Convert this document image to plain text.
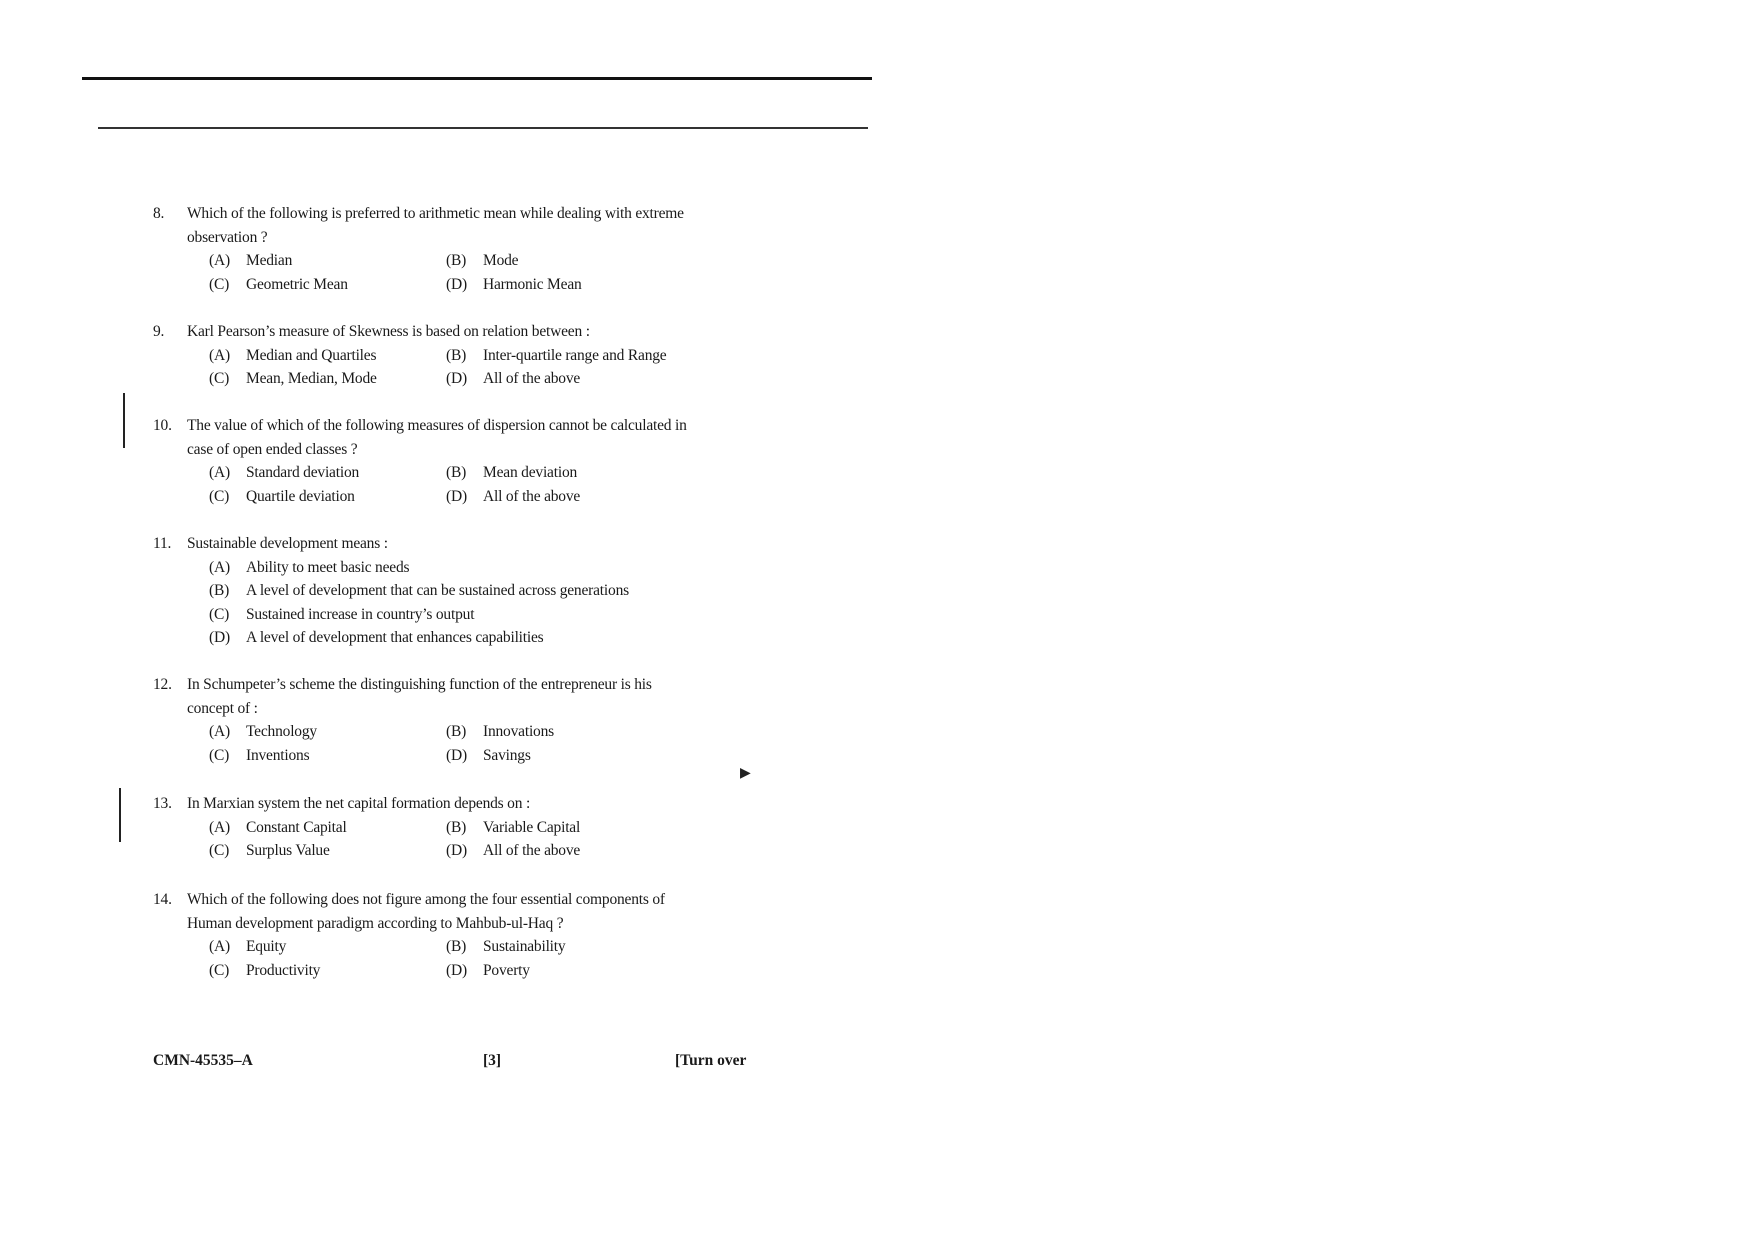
▶
8.	Which of the following is preferred to arithmetic mean while dealing with extreme observation ?
(A)	Median	(B)	Mode
(C)	Geometric Mean	(D)	Harmonic Mean
9.	Karl Pearson’s measure of Skewness is based on relation between :
(A)	Median and Quartiles	(B)	Inter-quartile range and Range
(C)	Mean, Median, Mode	(D)	All of the above
10. The value of which of the following measures of dispersion cannot be calculated in case of open ended classes ?
(A)	Standard deviation	(B)	Mean deviation
(C)	Quartile deviation	(D)	All of the above
11.	Sustainable development means :
(A)	Ability to meet basic needs
(B)	A level of development that can be sustained across generations
(C)	Sustained increase in country’s output
(D)	A level of development that enhances capabilities
12. In Schumpeter’s scheme the distinguishing function of the entrepreneur is his concept of :
(A)	Technology	(B)	Innovations
(C)	Inventions	(D)	Savings
13. In Marxian system the net capital formation depends on :
(A)	Constant Capital	(B)	Variable Capital
(C)	Surplus Value	(D)	All of the above
14. Which of the following does not figure among the four essential components of Human development paradigm according to Mahbub-ul-Haq ?
(A)	Equity	(B)	Sustainability
(C)	Productivity	(D)	Poverty
CMN-45535–A	[3]	[Turn over
